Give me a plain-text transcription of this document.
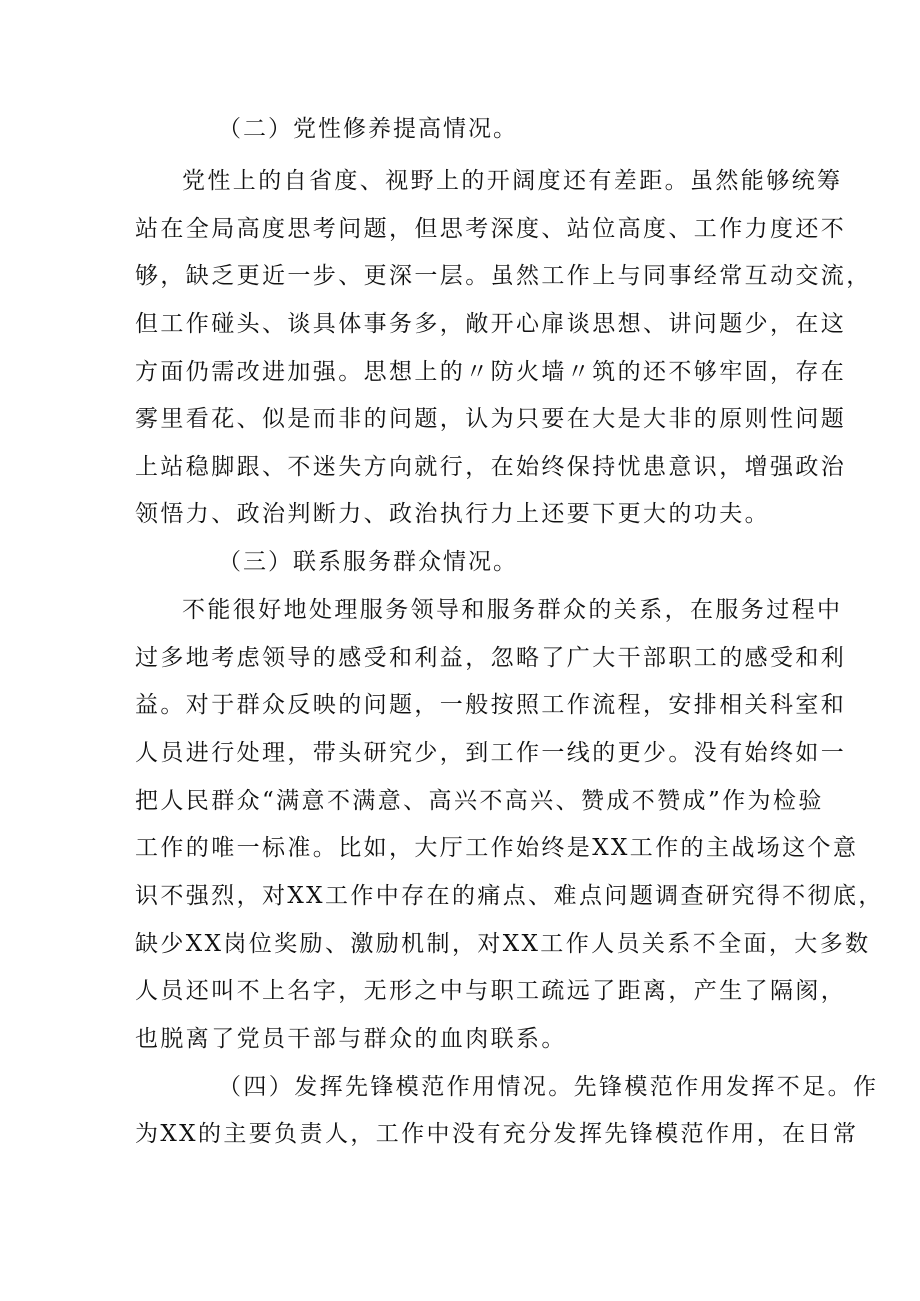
（二）党性修养提高情况。
党性上的自省度、视野上的开阔度还有差距。虽然能够统筹
站在全局高度思考问题，但思考深度、站位高度、工作力度还不
够，缺乏更近一步、更深一层。虽然工作上与同事经常互动交流，
但工作碰头、谈具体事务多，敞开心扉谈思想、讲问题少，在这
方面仍需改进加强。思想上的〃防火墙〃筑的还不够牢固，存在
雾里看花、似是而非的问题，认为只要在大是大非的原则性问题
上站稳脚跟、不迷失方向就行，在始终保持忧患意识，增强政治
领悟力、政治判断力、政治执行力上还要下更大的功夫。
（三）联系服务群众情况。
不能很好地处理服务领导和服务群众的关系，在服务过程中
过多地考虑领导的感受和利益，忽略了广大干部职工的感受和利
益。对于群众反映的问题，一般按照工作流程，安排相关科室和
人员进行处理，带头研究少，到工作一线的更少。没有始终如一
把人民群众“满意不满意、高兴不高兴、赞成不赞成”作为检验
工作的唯一标准。比如，大厅工作始终是XX工作的主战场这个意
识不强烈，对XX工作中存在的痛点、难点问题调查研究得不彻底，
缺少XX岗位奖励、激励机制，对XX工作人员关系不全面，大多数
人员还叫不上名字，无形之中与职工疏远了距离，产生了隔阂，
也脱离了党员干部与群众的血肉联系。
（四）发挥先锋模范作用情况。先锋模范作用发挥不足。作
为XX的主要负责人，工作中没有充分发挥先锋模范作用，在日常
